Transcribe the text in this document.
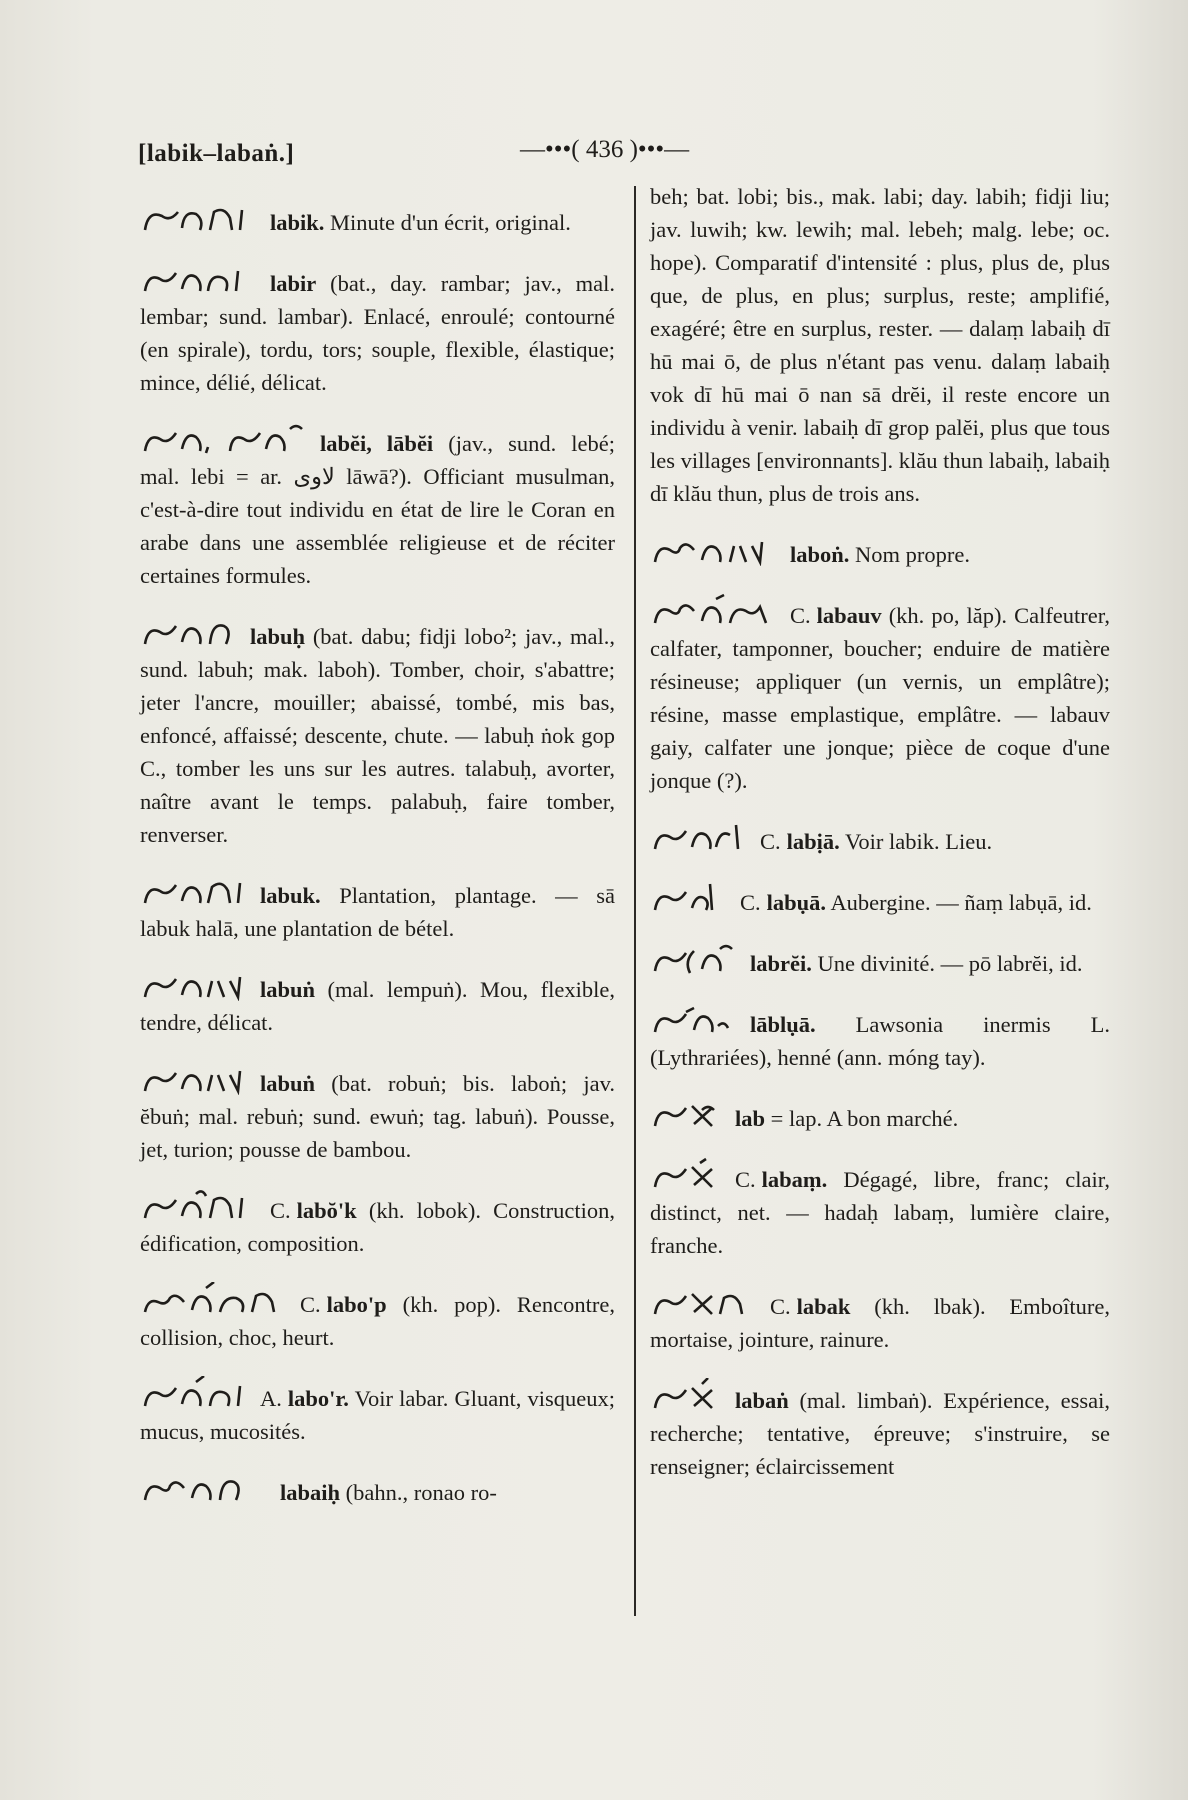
[labik–labaṅ.]	—•••( 436 )•••—

labik. Minute d'un écrit, original.

labir (bat., day. rambar; jav., mal. lembar; sund. lambar). Enlacé, enroulé; contourné (en spirale), tordu, tors; souple, flexible, élastique; mince, délié, délicat.

labĕi, lābĕi (jav., sund. lebé; mal. lebi = ar. لاوی lāwā?). Officiant musulman, c'est-à-dire tout individu en état de lire le Coran en arabe dans une assemblée religieuse et de réciter certaines formules.

labuḥ (bat. dabu; fidji lobo²; jav., mal., sund. labuh; mak. laboh). Tomber, choir, s'abattre; jeter l'ancre, mouiller; abaissé, tombé, mis bas, enfoncé, affaissé; descente, chute. — labuḥ ṅok gop C., tomber les uns sur les autres. talabuḥ, avorter, naître avant le temps. palabuḥ, faire tomber, renverser.

labuk. Plantation, plantage. — sā labuk halā, une plantation de bétel.

labuṅ (mal. lempuṅ). Mou, flexible, tendre, délicat.

labuṅ (bat. robuṅ; bis. laboṅ; jav. ĕbuṅ; mal. rebuṅ; sund. ewuṅ; tag. labuṅ). Pousse, jet, turion; pousse de bambou.

C. labŏ'k (kh. lobok). Construction, édification, composition.

C. labo'p (kh. pop). Rencontre, collision, choc, heurt.

A. labo'r. Voir labar. Gluant, visqueux; mucus, mucosités.

labaiḥ (bahn., ronao ro-

beh; bat. lobi; bis., mak. labi; day. labih; fidji liu; jav. luwih; kw. lewih; mal. lebeh; malg. lebe; oc. hope). Comparatif d'intensité : plus, plus de, plus que, de plus, en plus; surplus, reste; amplifié, exagéré; être en surplus, rester. — dalaṃ labaiḥ dī hū mai ō, de plus n'étant pas venu. dalaṃ labaiḥ vok dī hū mai ō nan sā drĕi, il reste encore un individu à venir. labaiḥ dī grop palĕi, plus que tous les villages [environnants]. klău thun labaiḥ, labaiḥ dī klău thun, plus de trois ans.

laboṅ. Nom propre.

C. labauv (kh. po, lăp). Calfeutrer, calfater, tamponner, boucher; enduire de matière résineuse; appliquer (un vernis, un emplâtre); résine, masse emplastique, emplâtre. — labauv gaiy, calfater une jonque; pièce de coque d'une jonque (?).

C. labịā. Voir labik. Lieu.

C. labụā. Aubergine. — ñaṃ labụā, id.

labrĕi. Une divinité. — pō labrĕi, id.

lāblụā. Lawsonia inermis L. (Lythrariées), henné (ann. móng tay).

lab = lap. A bon marché.

C. labaṃ. Dégagé, libre, franc; clair, distinct, net. — hadaḥ labaṃ, lumière claire, franche.

C. labak (kh. lbak). Emboîture, mortaise, jointure, rainure.

labaṅ (mal. limbaṅ). Expérience, essai, recherche; tentative, épreuve; s'instruire, se renseigner; éclaircissement
